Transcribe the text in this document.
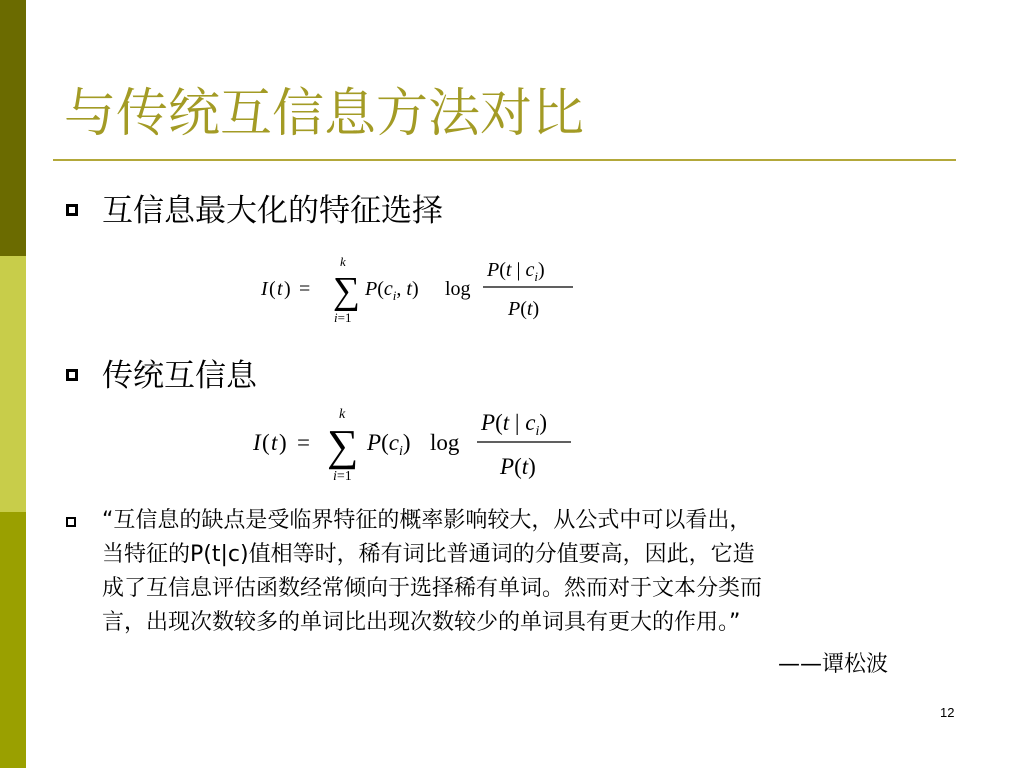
与传统互信息方法对比
互信息最大化的特征选择
I ( t ) = ∑
k
i=1
$P(c_i$, t) log
P(t | $c_i$)
P(t)
传统互信息
I ( t ) = ∑
k
i=1
$P(c_i)$ log
P(t | $c_i$)
P(t)
“互信息的缺点是受临界特征的概率影响较大，从公式中可以看出，
当特征的P(t|c)值相等时，稀有词比普通词的分值要高，因此，它造
成了互信息评估函数经常倾向于选择稀有单词。然而对于文本分类而
言，出现次数较多的单词比出现次数较少的单词具有更大的作用。”
——谭松波
12
